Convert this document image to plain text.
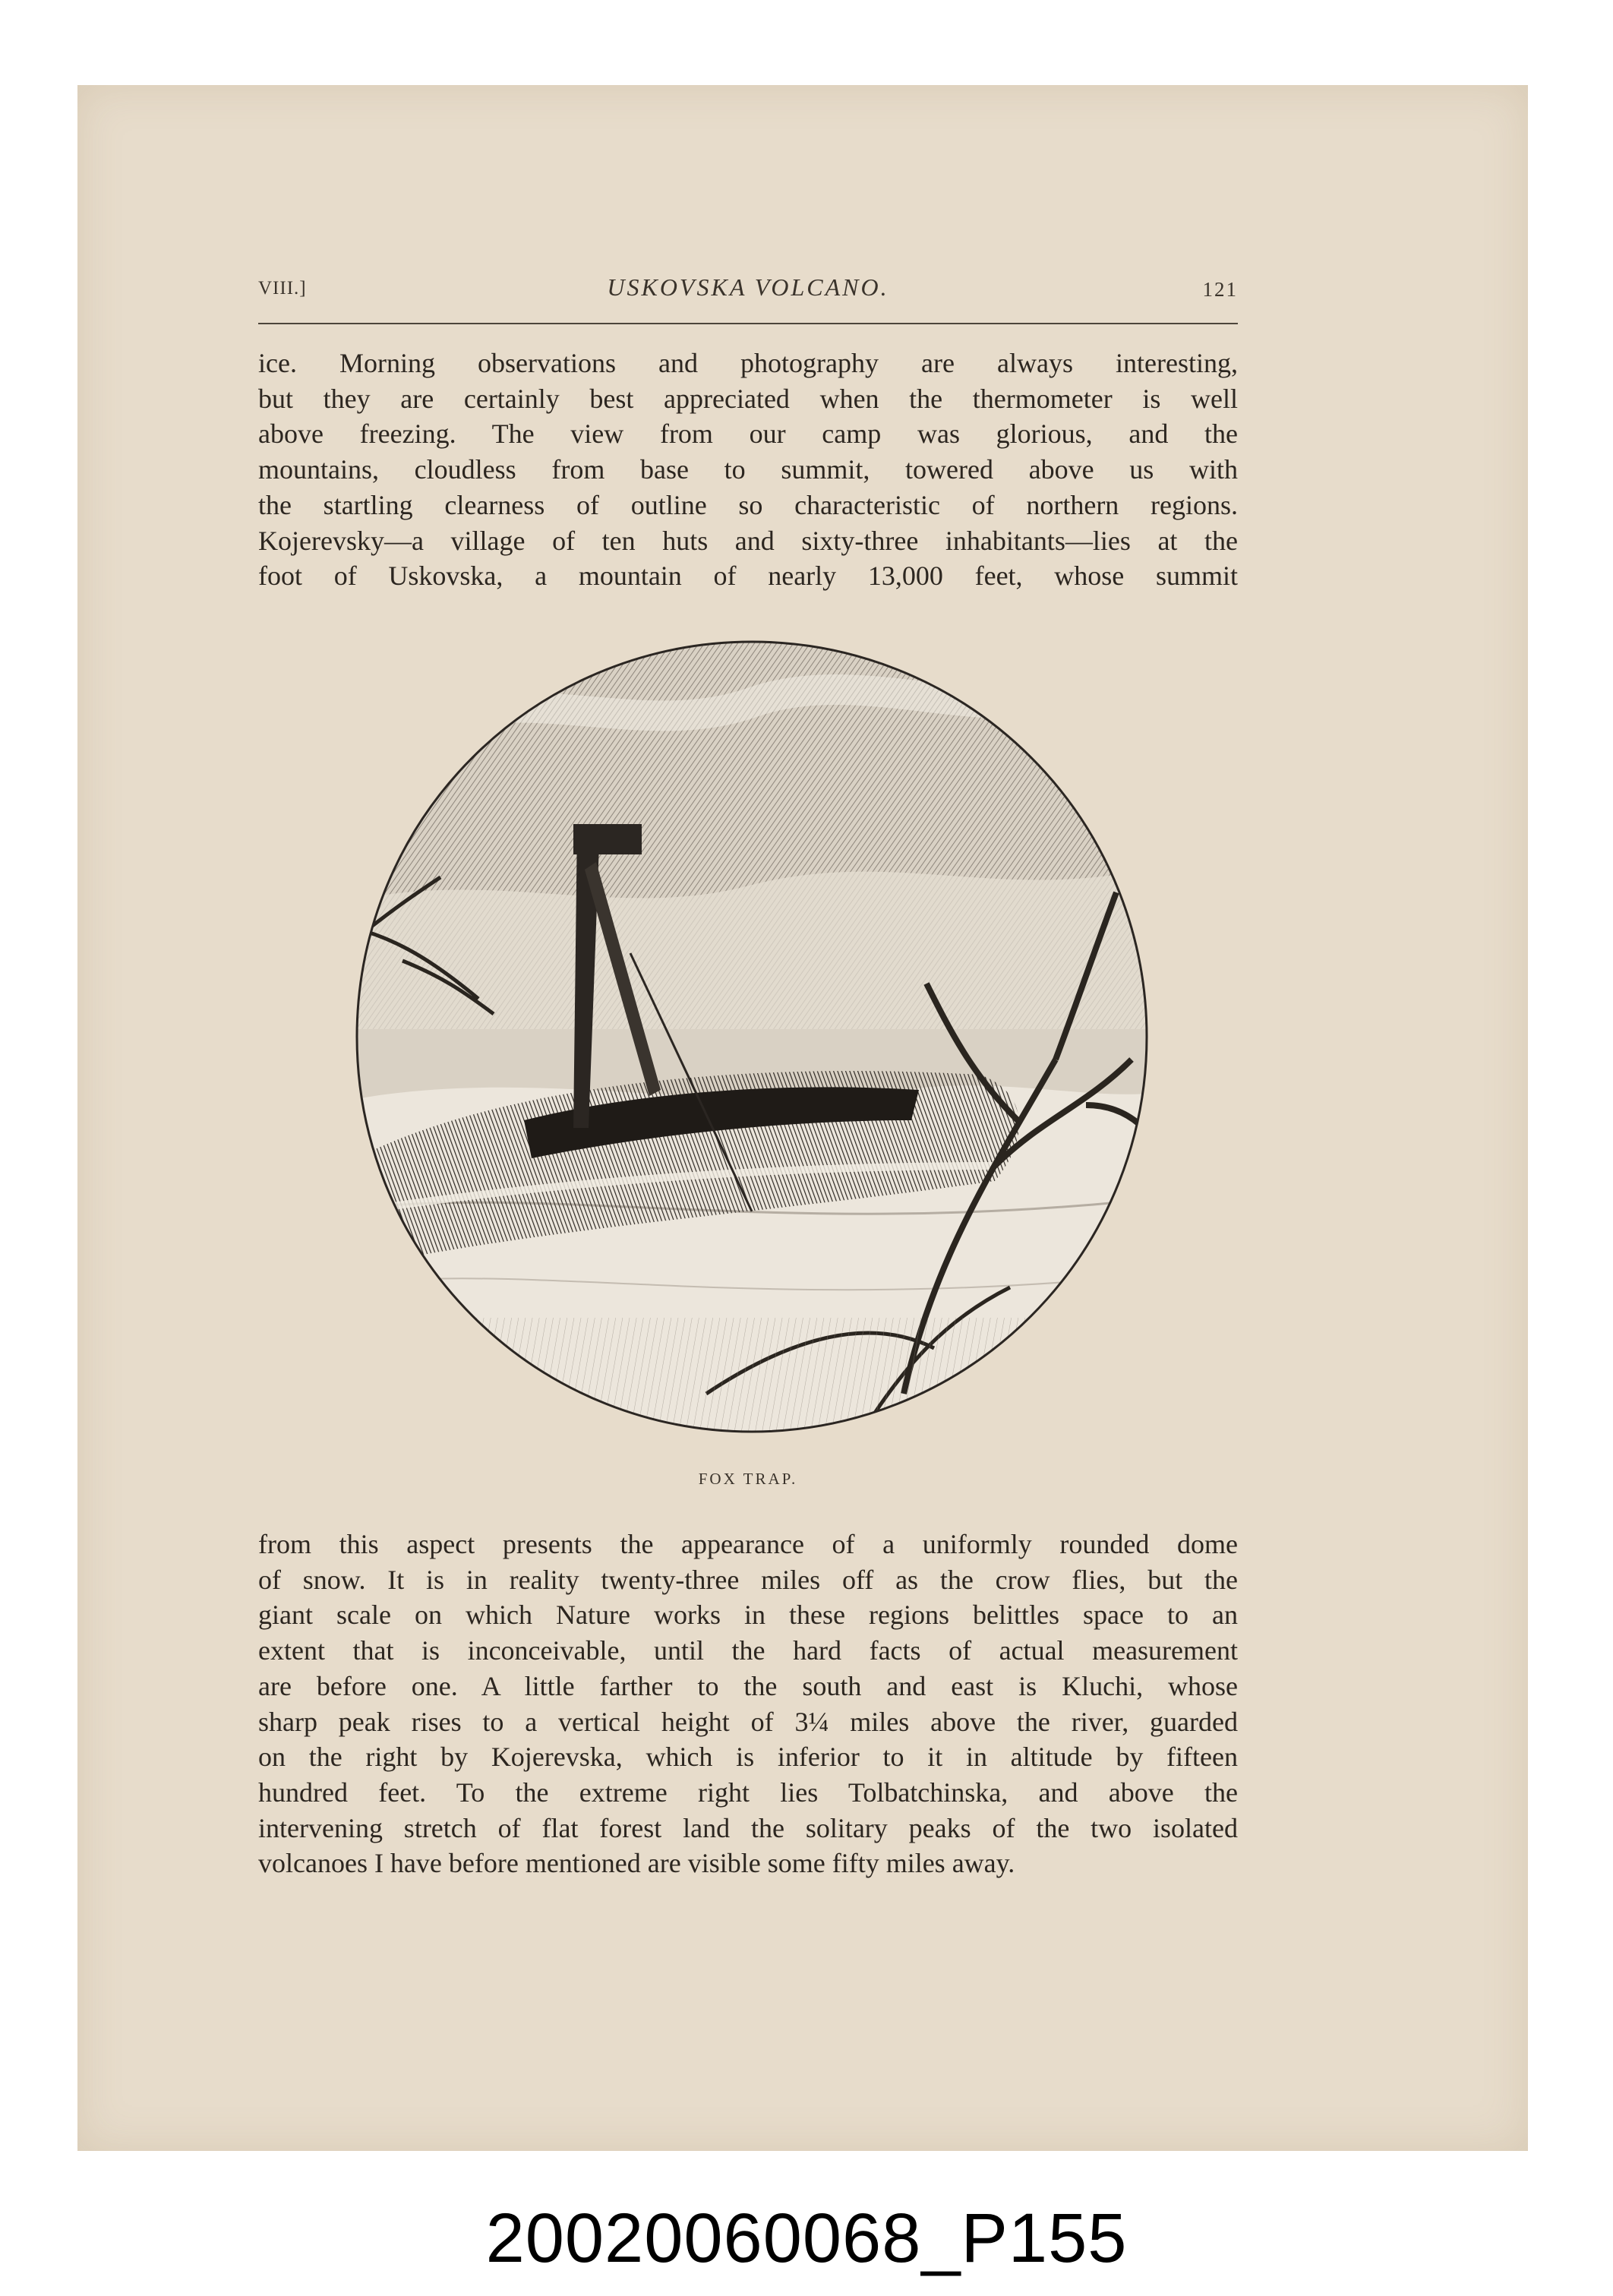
VIII.]	USKOVSKA VOLCANO.	121

ice. Morning observations and photography are always interesting,
but they are certainly best appreciated when the thermometer is well
above freezing. The view from our camp was glorious, and the
mountains, cloudless from base to summit, towered above us with
the startling clearness of outline so characteristic of northern regions.
Kojerevsky—a village of ten huts and sixty-three inhabitants—lies at the
foot of Uskovska, a mountain of nearly 13,000 feet, whose summit

FOX TRAP.

from this aspect presents the appearance of a uniformly rounded dome
of snow. It is in reality twenty-three miles off as the crow flies, but the
giant scale on which Nature works in these regions belittles space to an
extent that is inconceivable, until the hard facts of actual measurement
are before one. A little farther to the south and east is Kluchi, whose
sharp peak rises to a vertical height of 3¼ miles above the river, guarded
on the right by Kojerevska, which is inferior to it in altitude by fifteen
hundred feet. To the extreme right lies Tolbatchinska, and above the
intervening stretch of flat forest land the solitary peaks of the two isolated
volcanoes I have before mentioned are visible some fifty miles away.

20020060068_P155
